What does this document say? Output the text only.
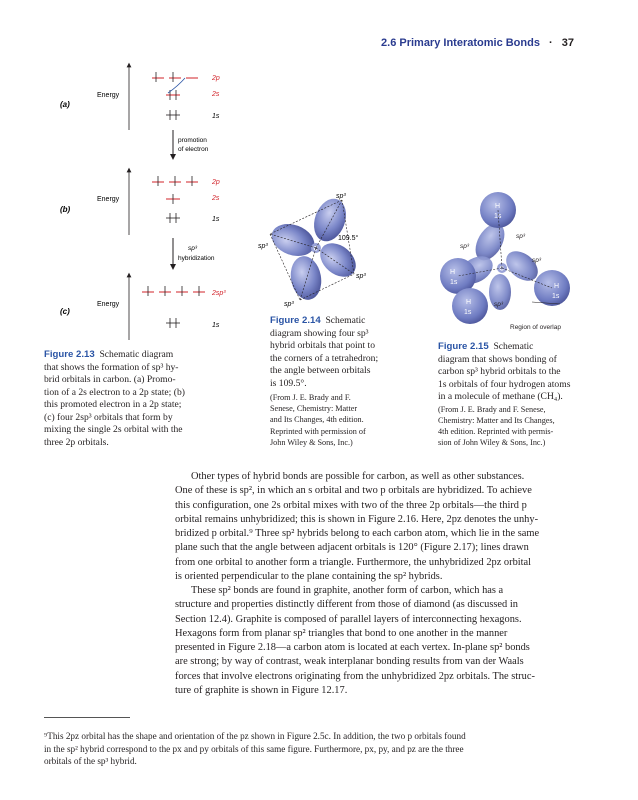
2.6 Primary Interatomic Bonds · 37
(a)
Energy
2p
2s
1s
promotion
of electron
(b)
Energy
2p
2s
1s
sp³
hybridization
(c)
Energy
2sp³
1s
C
109.5°
sp³
sp³
sp³
sp³
C
H
1s
H
1s
H
1s
H
1s
sp³
sp³
sp³
sp³
Region of overlap
Figure 2.13 Schematic diagram
that shows the formation of sp³ hy-
brid orbitals in carbon. (a) Promo-
tion of a 2s electron to a 2p state; (b)
this promoted electron in a 2p state;
(c) four 2sp³ orbitals that form by
mixing the single 2s orbital with the
three 2p orbitals.
Figure 2.14 Schematic
diagram showing four sp³
hybrid orbitals that point to
the corners of a tetrahedron;
the angle between orbitals
is 109.5°.
(From J. E. Brady and F.
Senese, Chemistry: Matter
and Its Changes, 4th edition.
Reprinted with permission of
John Wiley & Sons, Inc.)
Figure 2.15 Schematic
diagram that shows bonding of
carbon sp³ hybrid orbitals to the
1s orbitals of four hydrogen atoms
in a molecule of methane (CH₄).
(From J. E. Brady and F. Senese,
Chemistry: Matter and Its Changes,
4th edition. Reprinted with permis-
sion of John Wiley & Sons, Inc.)
Other types of hybrid bonds are possible for carbon, as well as other substances.
One of these is sp², in which an s orbital and two p orbitals are hybridized. To achieve
this configuration, one 2s orbital mixes with two of the three 2p orbitals—the third p
orbital remains unhybridized; this is shown in Figure 2.16. Here, 2pz denotes the unhy-
bridized p orbital.⁹ Three sp² hybrids belong to each carbon atom, which lie in the same
plane such that the angle between adjacent orbitals is 120° (Figure 2.17); lines drawn
from one orbital to another form a triangle. Furthermore, the unhybridized 2pz orbital
is oriented perpendicular to the plane containing the sp² hybrids.
These sp² bonds are found in graphite, another form of carbon, which has a
structure and properties distinctly different from those of diamond (as discussed in
Section 12.4). Graphite is composed of parallel layers of interconnecting hexagons.
Hexagons form from planar sp² triangles that bond to one another in the manner
presented in Figure 2.18—a carbon atom is located at each vertex. In-plane sp² bonds
are strong; by way of contrast, weak interplanar bonding results from van der Waals
forces that involve electrons originating from the unhybridized 2pz orbitals. The struc-
ture of graphite is shown in Figure 12.17.
⁹This 2pz orbital has the shape and orientation of the pz shown in Figure 2.5c. In addition, the two p orbitals found
in the sp² hybrid correspond to the px and py orbitals of this same figure. Furthermore, px, py, and pz are the three
orbitals of the sp³ hybrid.
